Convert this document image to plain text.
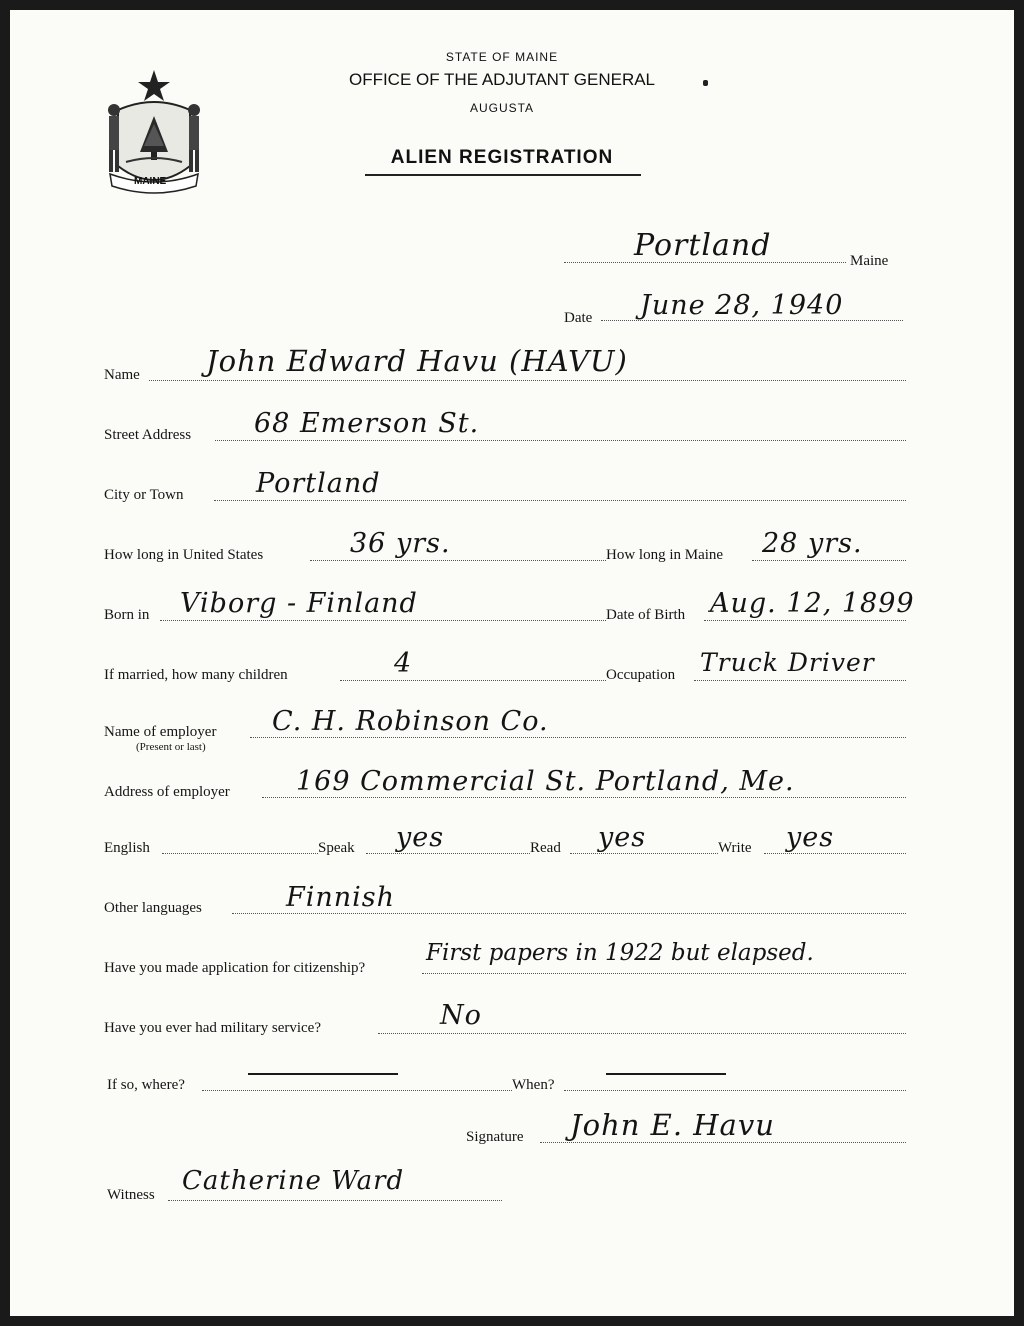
MAINE
STATE OF MAINE
OFFICE OF THE ADJUTANT GENERAL
AUGUSTA
ALIEN REGISTRATION
Portland	Maine
Date June 28, 1940
Name John Edward Havu (HAVU)
Street Address 68 Emerson St.
City or Town	Portland
How long in United States	36 yrs.	How long in Maine 28 yrs.
Born in Viborg - Finland	Date of Birth Aug. 12, 1899
If married, how many children	4	Occupation Truck Driver
Name of employer
(Present or last)
C. H. Robinson Co.
Address of employer 169 Commercial St. Portland, Me.
English	Speak yes	Read yes	Write yes
Other languages	Finnish
Have you made application for citizenship?
First papers in 1922 but elapsed.
Have you ever had military service?	No
If so, where?	When?
Signature John E. Havu
Witness Catherine Ward
